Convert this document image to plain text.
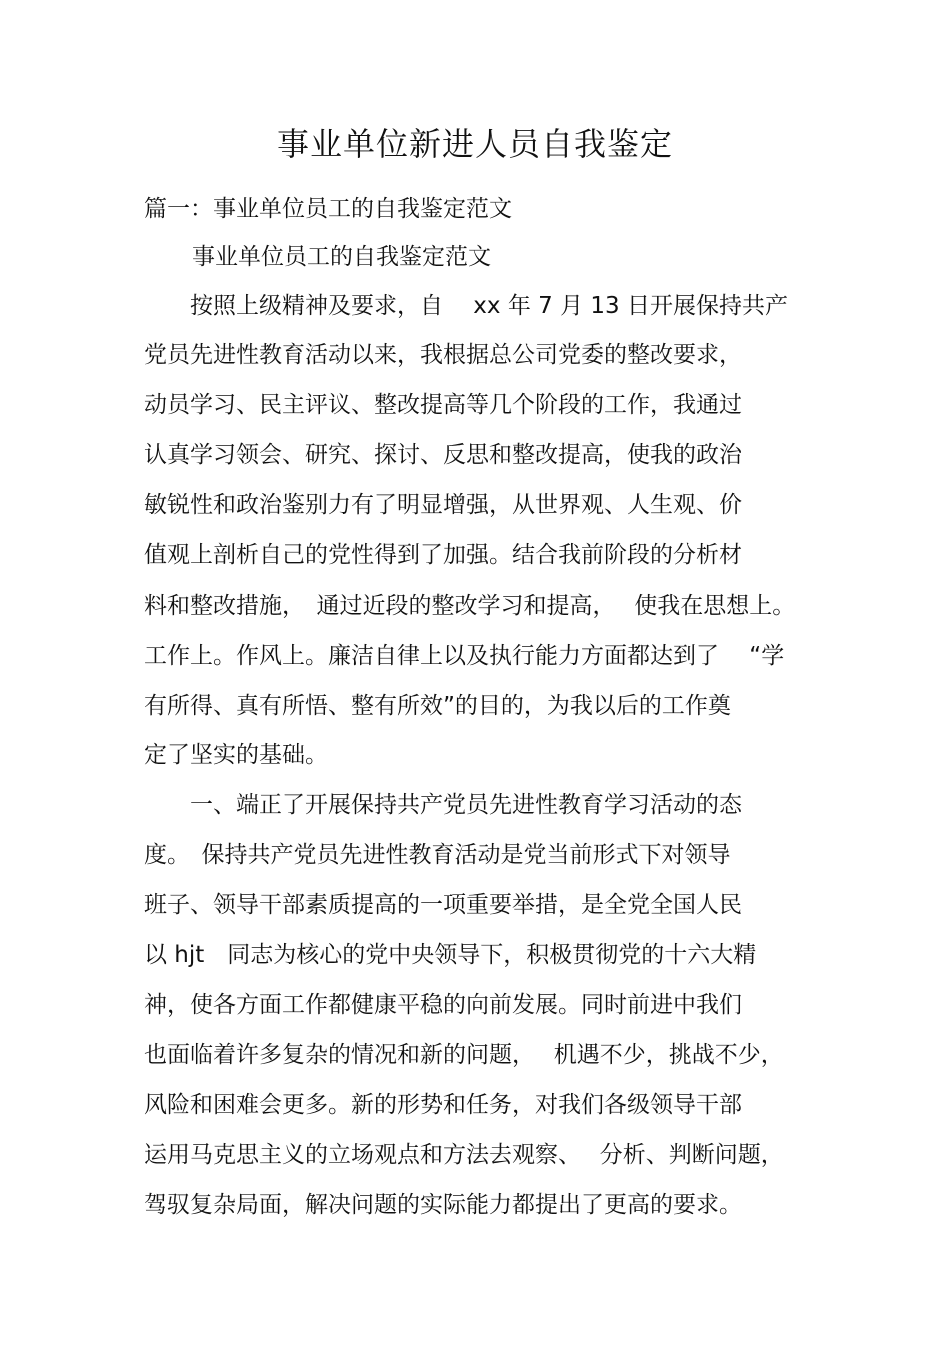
事业单位新进人员自我鉴定
篇一：事业单位员工的自我鉴定范文
事业单位员工的自我鉴定范文
　　按照上级精神及要求，自　 xx 年 7 月 13 日开展保持共产
党员先进性教育活动以来，我根据总公司党委的整改要求，
动员学习、民主评议、整改提高等几个阶段的工作，我通过
认真学习领会、研究、探讨、反思和整改提高，使我的政治
敏锐性和政治鉴别力有了明显增强，从世界观、人生观、价
值观上剖析自己的党性得到了加强。结合我前阶段的分析材
料和整改措施，　通过近段的整改学习和提高，　 使我在思想上。
工作上。作风上。廉洁自律上以及执行能力方面都达到了　 “学
有所得、真有所悟、整有所效”的目的，为我以后的工作奠
定了坚实的基础。
　　一、端正了开展保持共产党员先进性教育学习活动的态
度。　保持共产党员先进性教育活动是党当前形式下对领导
班子、领导干部素质提高的一项重要举措，是全党全国人民
以 hjt　同志为核心的党中央领导下，积极贯彻党的十六大精
神，使各方面工作都健康平稳的向前发展。同时前进中我们
也面临着许多复杂的情况和新的问题，　 机遇不少，挑战不少，
风险和困难会更多。新的形势和任务，对我们各级领导干部
运用马克思主义的立场观点和方法去观察、　 分析、判断问题，
驾驭复杂局面，解决问题的实际能力都提出了更高的要求。
